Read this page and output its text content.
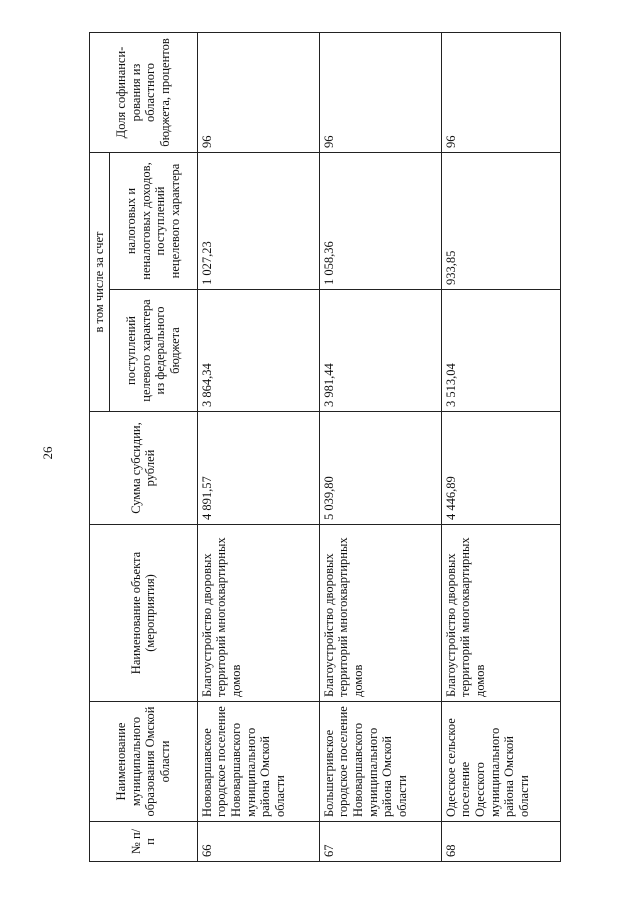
26
№ п/п	Наименование муниципального образования Омской области	Наименование объекта (мероприятия)	Сумма субсидии, рублей	в том числе за счет		Доля софинанси-рования из областного бюджета, процентов
				поступлений целевого характера из федерального бюджета	налоговых и неналоговых доходов, поступлений нецелевого характера	
66	Нововаршавское городское поселение Нововаршавского муниципального района Омской области	Благоустройство дворовых территорий многоквартирных домов	4 891,57	3 864,34	1 027,23	96
67	Большегривское городское поселение Нововаршавского муниципального района Омской области	Благоустройство дворовых территорий многоквартирных домов	5 039,80	3 981,44	1 058,36	96
68	Одесское сельское поселение Одесского муниципального района Омской области	Благоустройство дворовых территорий многоквартирных домов	4 446,89	3 513,04	933,85	96
